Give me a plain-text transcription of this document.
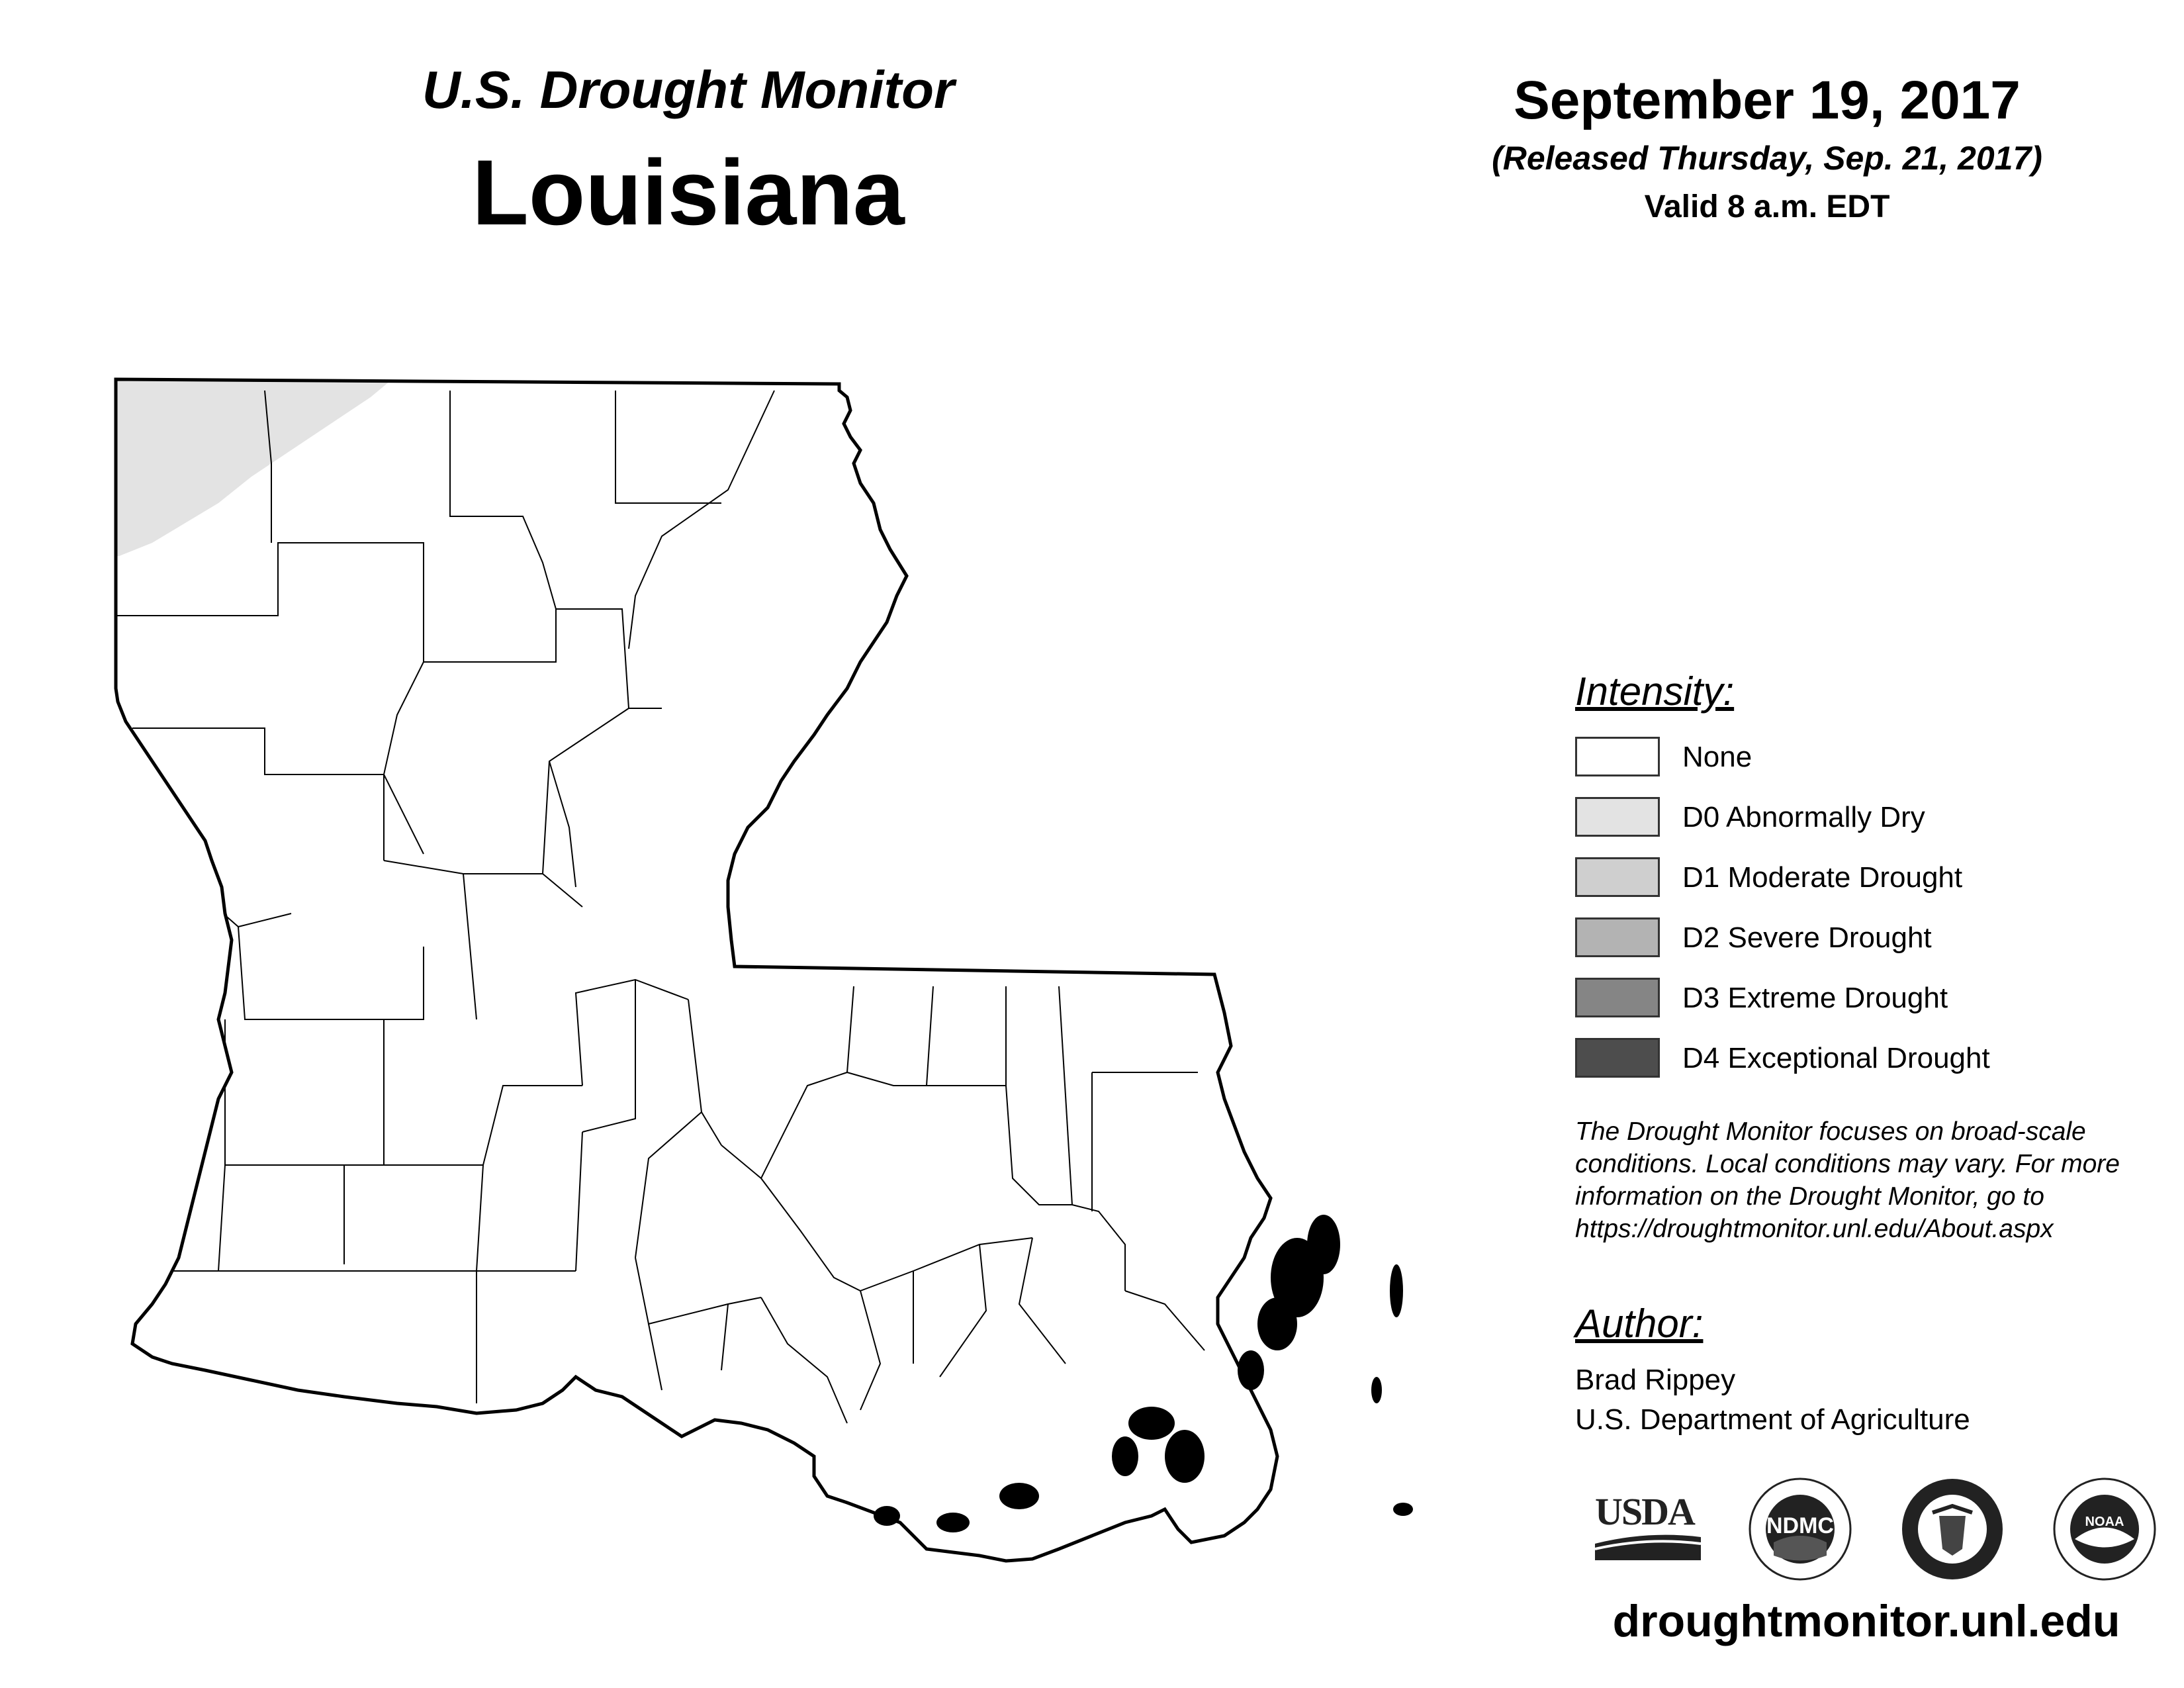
U.S. Drought Monitor
Louisiana
September 19, 2017
(Released Thursday, Sep. 21, 2017)
Valid 8 a.m. EDT
Intensity:
None
D0 Abnormally Dry
D1 Moderate Drought
D2 Severe Drought
D3 Extreme Drought
D4 Exceptional Drought
The Drought Monitor focuses on broad-scale conditions. Local conditions may vary. For more information on the Drought Monitor, go to https://droughtmonitor.unl.edu/About.aspx
Author:
Brad Rippey
U.S. Department of Agriculture
USDA	NDMC	NOAA
droughtmonitor.unl.edu
